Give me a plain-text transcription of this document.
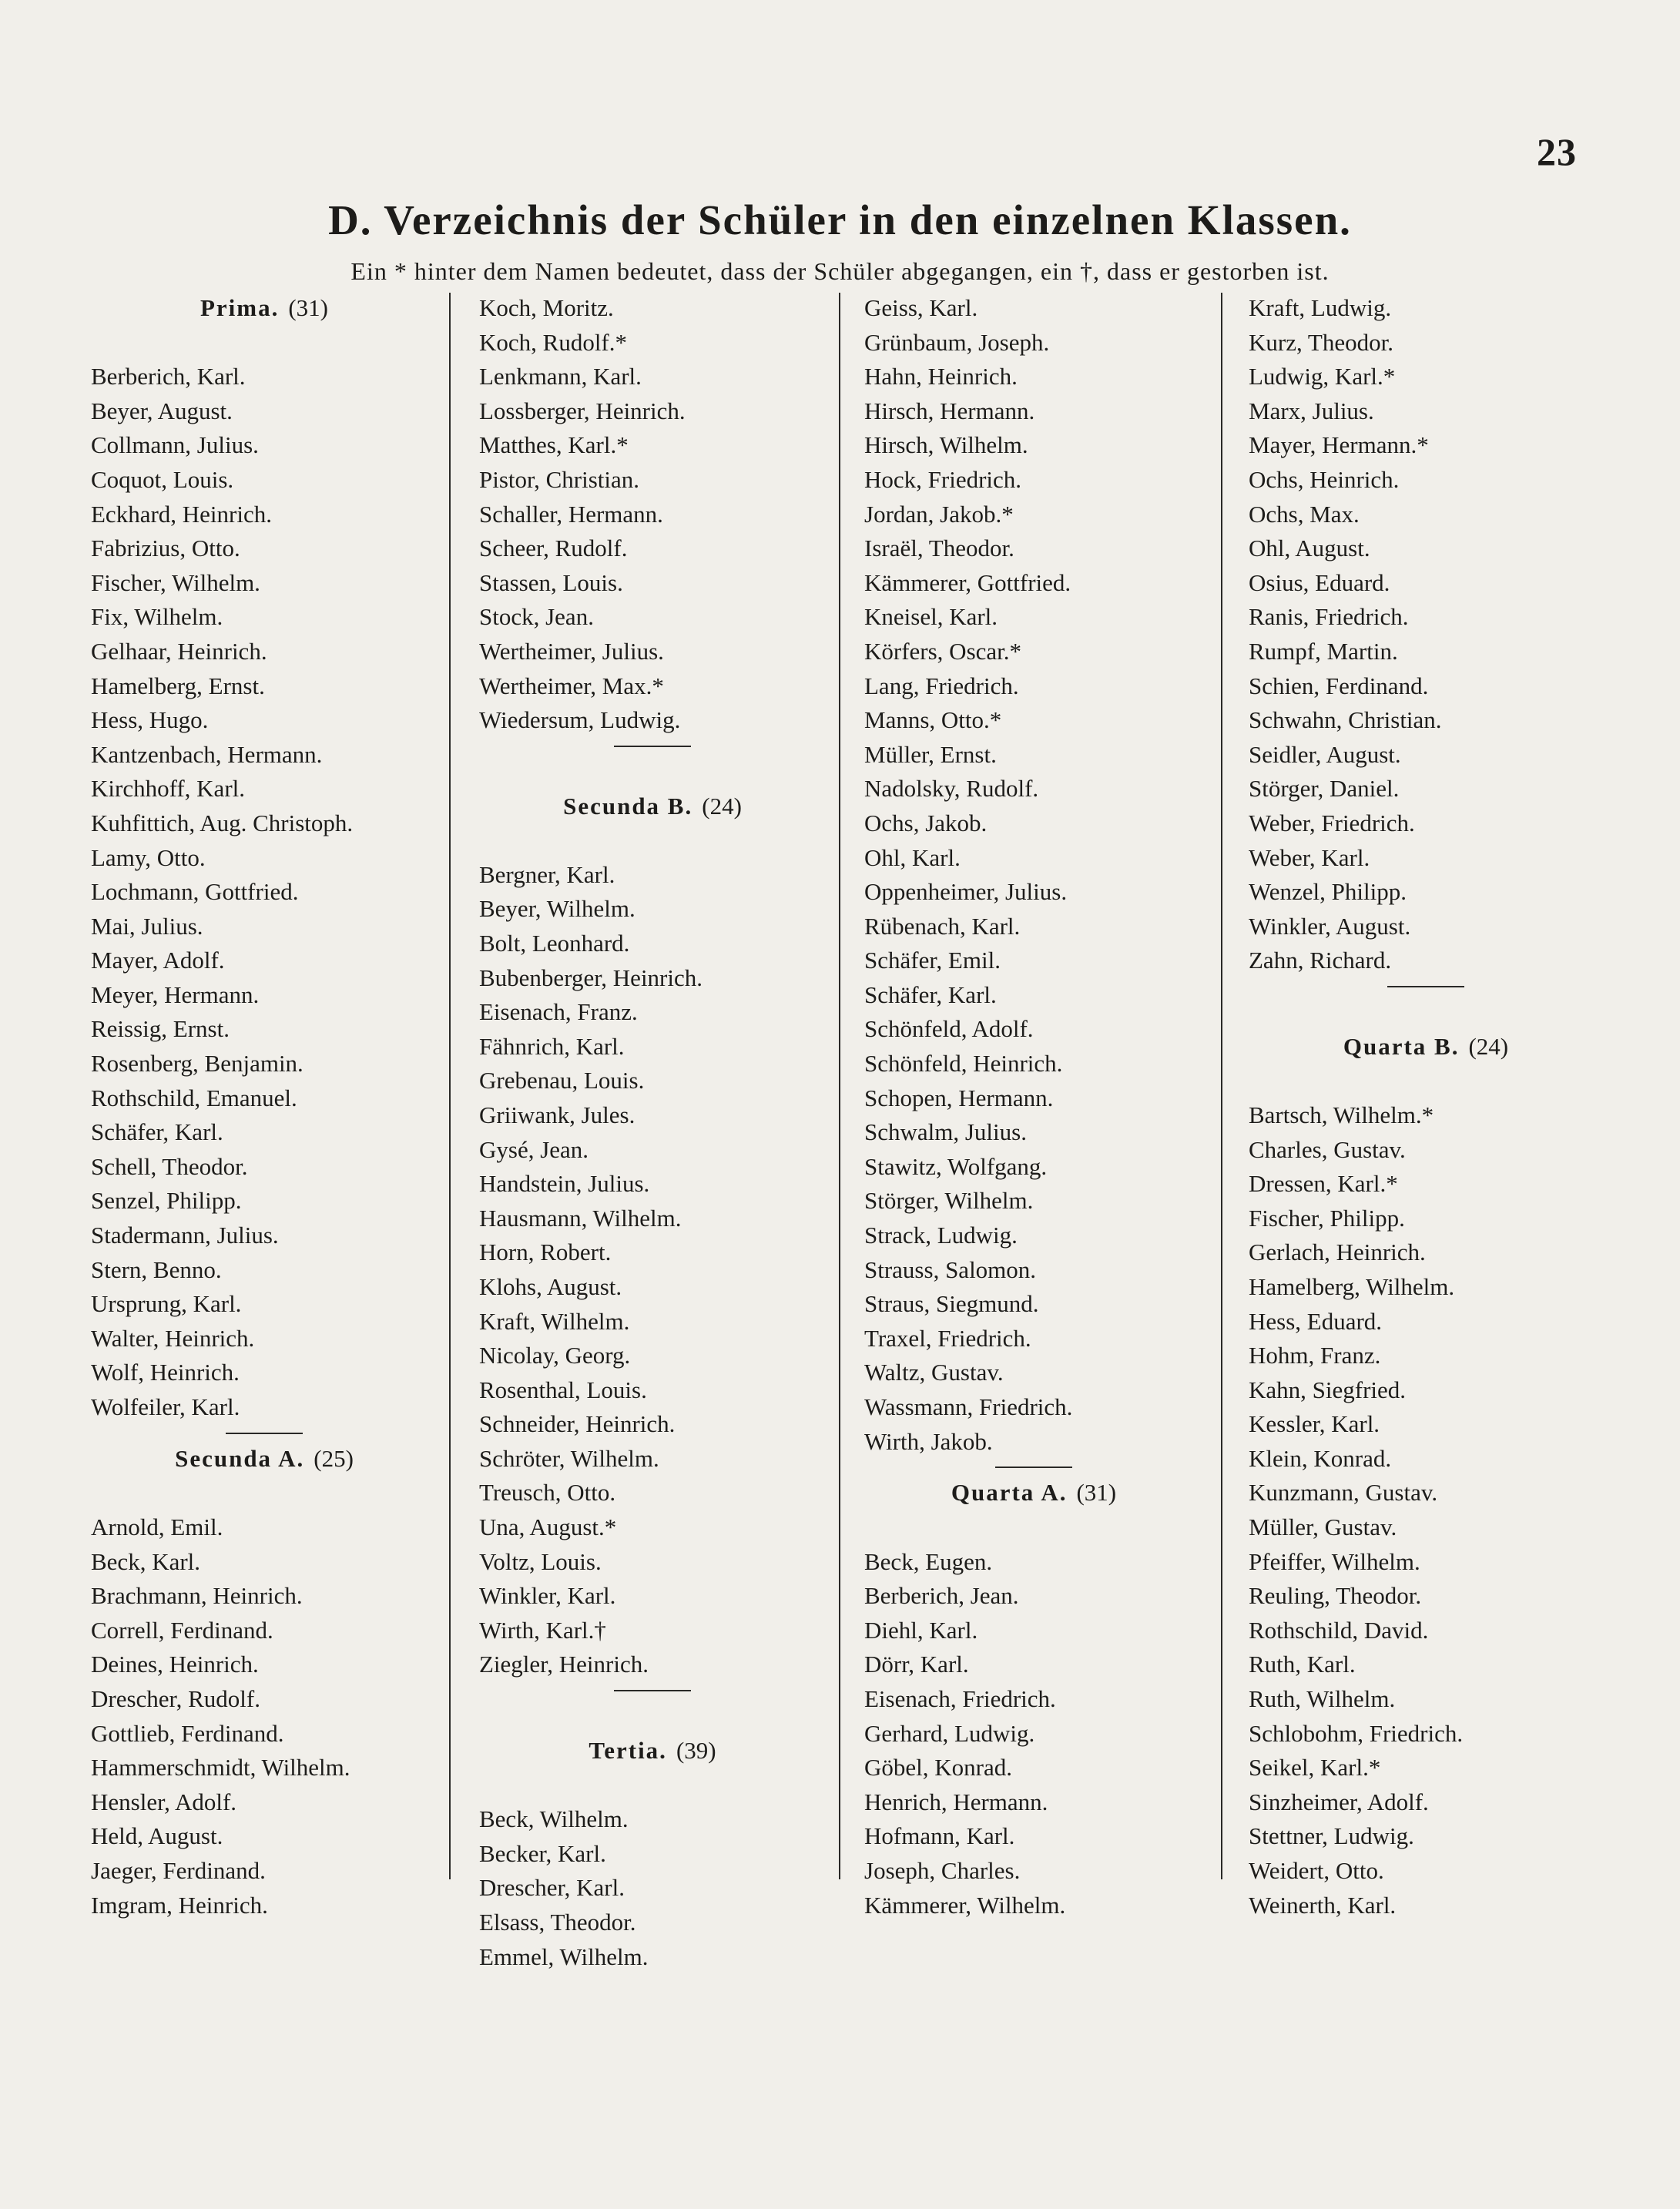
23
D. Verzeichnis der Schüler in den einzelnen Klassen.
Ein * hinter dem Namen bedeutet, dass der Schüler abgegangen, ein †, dass er gestorben ist.
Prima. (31)
Berberich, Karl.
Beyer, August.
Collmann, Julius.
Coquot, Louis.
Eckhard, Heinrich.
Fabrizius, Otto.
Fischer, Wilhelm.
Fix, Wilhelm.
Gelhaar, Heinrich.
Hamelberg, Ernst.
Hess, Hugo.
Kantzenbach, Hermann.
Kirchhoff, Karl.
Kuhfittich, Aug. Christoph.
Lamy, Otto.
Lochmann, Gottfried.
Mai, Julius.
Mayer, Adolf.
Meyer, Hermann.
Reissig, Ernst.
Rosenberg, Benjamin.
Rothschild, Emanuel.
Schäfer, Karl.
Schell, Theodor.
Senzel, Philipp.
Stadermann, Julius.
Stern, Benno.
Ursprung, Karl.
Walter, Heinrich.
Wolf, Heinrich.
Wolfeiler, Karl.
Secunda A. (25)
Arnold, Emil.
Beck, Karl.
Brachmann, Heinrich.
Correll, Ferdinand.
Deines, Heinrich.
Drescher, Rudolf.
Gottlieb, Ferdinand.
Hammerschmidt, Wilhelm.
Hensler, Adolf.
Held, August.
Jaeger, Ferdinand.
Imgram, Heinrich.
Koch, Moritz.
Koch, Rudolf.*
Lenkmann, Karl.
Lossberger, Heinrich.
Matthes, Karl.*
Pistor, Christian.
Schaller, Hermann.
Scheer, Rudolf.
Stassen, Louis.
Stock, Jean.
Wertheimer, Julius.
Wertheimer, Max.*
Wiedersum, Ludwig.
Secunda B. (24)
Bergner, Karl.
Beyer, Wilhelm.
Bolt, Leonhard.
Bubenberger, Heinrich.
Eisenach, Franz.
Fähnrich, Karl.
Grebenau, Louis.
Griiwank, Jules.
Gysé, Jean.
Handstein, Julius.
Hausmann, Wilhelm.
Horn, Robert.
Klohs, August.
Kraft, Wilhelm.
Nicolay, Georg.
Rosenthal, Louis.
Schneider, Heinrich.
Schröter, Wilhelm.
Treusch, Otto.
Una, August.*
Voltz, Louis.
Winkler, Karl.
Wirth, Karl.†
Ziegler, Heinrich.
Tertia. (39)
Beck, Wilhelm.
Becker, Karl.
Drescher, Karl.
Elsass, Theodor.
Emmel, Wilhelm.
Geiss, Karl.
Grünbaum, Joseph.
Hahn, Heinrich.
Hirsch, Hermann.
Hirsch, Wilhelm.
Hock, Friedrich.
Jordan, Jakob.*
Israël, Theodor.
Kämmerer, Gottfried.
Kneisel, Karl.
Körfers, Oscar.*
Lang, Friedrich.
Manns, Otto.*
Müller, Ernst.
Nadolsky, Rudolf.
Ochs, Jakob.
Ohl, Karl.
Oppenheimer, Julius.
Rübenach, Karl.
Schäfer, Emil.
Schäfer, Karl.
Schönfeld, Adolf.
Schönfeld, Heinrich.
Schopen, Hermann.
Schwalm, Julius.
Stawitz, Wolfgang.
Störger, Wilhelm.
Strack, Ludwig.
Strauss, Salomon.
Straus, Siegmund.
Traxel, Friedrich.
Waltz, Gustav.
Wassmann, Friedrich.
Wirth, Jakob.
Quarta A. (31)
Beck, Eugen.
Berberich, Jean.
Diehl, Karl.
Dörr, Karl.
Eisenach, Friedrich.
Gerhard, Ludwig.
Göbel, Konrad.
Henrich, Hermann.
Hofmann, Karl.
Joseph, Charles.
Kämmerer, Wilhelm.
Kraft, Ludwig.
Kurz, Theodor.
Ludwig, Karl.*
Marx, Julius.
Mayer, Hermann.*
Ochs, Heinrich.
Ochs, Max.
Ohl, August.
Osius, Eduard.
Ranis, Friedrich.
Rumpf, Martin.
Schien, Ferdinand.
Schwahn, Christian.
Seidler, August.
Störger, Daniel.
Weber, Friedrich.
Weber, Karl.
Wenzel, Philipp.
Winkler, August.
Zahn, Richard.
Quarta B. (24)
Bartsch, Wilhelm.*
Charles, Gustav.
Dressen, Karl.*
Fischer, Philipp.
Gerlach, Heinrich.
Hamelberg, Wilhelm.
Hess, Eduard.
Hohm, Franz.
Kahn, Siegfried.
Kessler, Karl.
Klein, Konrad.
Kunzmann, Gustav.
Müller, Gustav.
Pfeiffer, Wilhelm.
Reuling, Theodor.
Rothschild, David.
Ruth, Karl.
Ruth, Wilhelm.
Schlobohm, Friedrich.
Seikel, Karl.*
Sinzheimer, Adolf.
Stettner, Ludwig.
Weidert, Otto.
Weinerth, Karl.
